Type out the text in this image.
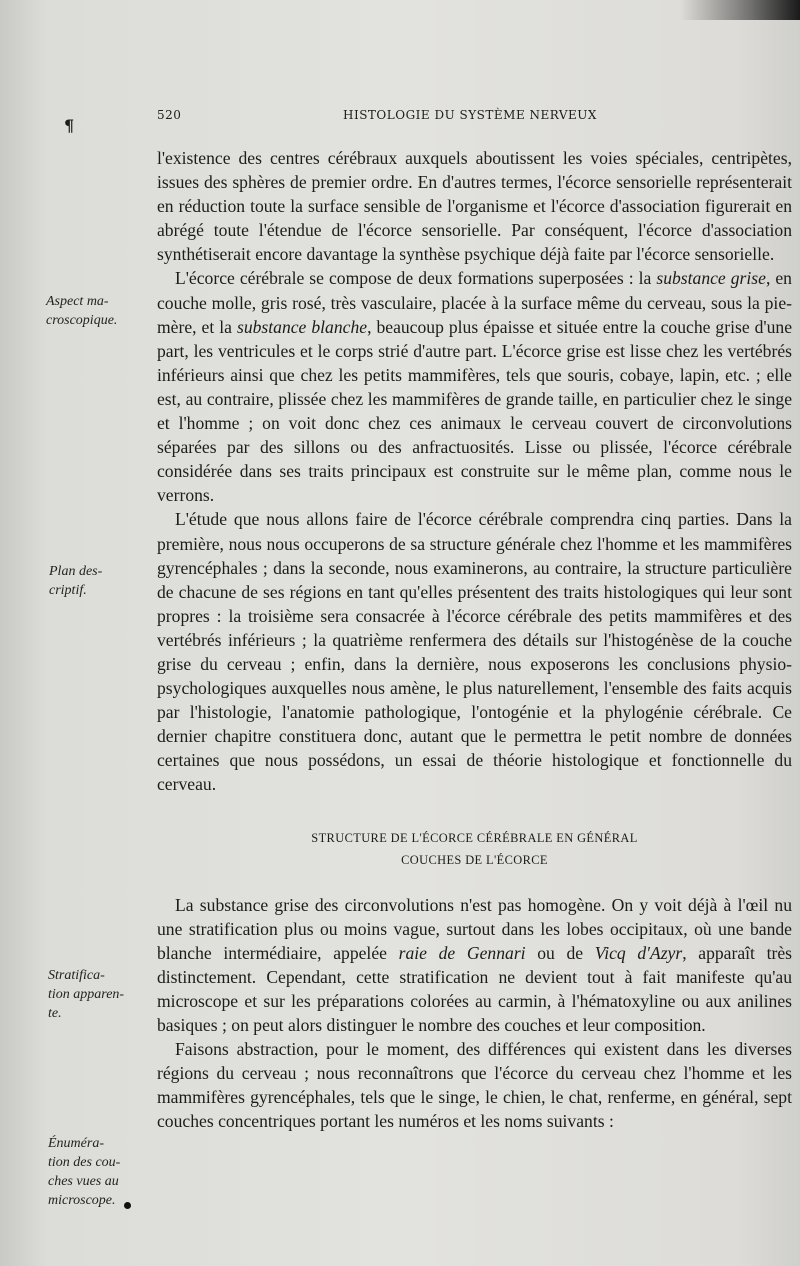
¶
520	HISTOLOGIE DU SYSTÈME NERVEUX
Aspect ma-
croscopique.
Plan des-
criptif.
Stratifica-
tion apparen-
te.
Énuméra-
tion des cou-
ches vues au
microscope.

l'existence des centres cérébraux auxquels aboutissent les voies spéciales, centripètes, issues des sphères de premier ordre. En d'autres termes, l'écorce sensorielle représenterait en réduction toute la surface sensible de l'organisme et l'écorce d'association figurerait en abrégé toute l'étendue de l'écorce sensorielle. Par conséquent, l'écorce d'association synthétiserait encore davantage la synthèse psychique déjà faite par l'écorce sensorielle.

L'écorce cérébrale se compose de deux formations superposées : la substance grise, en couche molle, gris rosé, très vasculaire, placée à la surface même du cerveau, sous la pie-mère, et la substance blanche, beaucoup plus épaisse et située entre la couche grise d'une part, les ventricules et le corps strié d'autre part. L'écorce grise est lisse chez les vertébrés inférieurs ainsi que chez les petits mammifères, tels que souris, cobaye, lapin, etc. ; elle est, au contraire, plissée chez les mammifères de grande taille, en particulier chez le singe et l'homme ; on voit donc chez ces animaux le cerveau couvert de circonvolutions séparées par des sillons ou des anfractuosités. Lisse ou plissée, l'écorce cérébrale considérée dans ses traits principaux est construite sur le même plan, comme nous le verrons.

L'étude que nous allons faire de l'écorce cérébrale comprendra cinq parties. Dans la première, nous nous occuperons de sa structure générale chez l'homme et les mammifères gyrencéphales ; dans la seconde, nous examinerons, au contraire, la structure particulière de chacune de ses régions en tant qu'elles présentent des traits histologiques qui leur sont propres : la troisième sera consacrée à l'écorce cérébrale des petits mammifères et des vertébrés inférieurs ; la quatrième renfermera des détails sur l'histogénèse de la couche grise du cerveau ; enfin, dans la dernière, nous exposerons les conclusions physio-psychologiques auxquelles nous amène, le plus naturellement, l'ensemble des faits acquis par l'histologie, l'anatomie pathologique, l'ontogénie et la phylogénie cérébrale. Ce dernier chapitre constituera donc, autant que le permettra le petit nombre de données certaines que nous possédons, un essai de théorie histologique et fonctionnelle du cerveau.

STRUCTURE DE L'ÉCORCE CÉRÉBRALE EN GÉNÉRAL
COUCHES DE L'ÉCORCE

La substance grise des circonvolutions n'est pas homogène. On y voit déjà à l'œil nu une stratification plus ou moins vague, surtout dans les lobes occipitaux, où une bande blanche intermédiaire, appelée raie de Gennari ou de Vicq d'Azyr, apparaît très distinctement. Cependant, cette stratification ne devient tout à fait manifeste qu'au microscope et sur les préparations colorées au carmin, à l'hématoxyline ou aux anilines basiques ; on peut alors distinguer le nombre des couches et leur composition.

Faisons abstraction, pour le moment, des différences qui existent dans les diverses régions du cerveau ; nous reconnaîtrons que l'écorce du cerveau chez l'homme et les mammifères gyrencéphales, tels que le singe, le chien, le chat, renferme, en général, sept couches concentriques portant les numéros et les noms suivants :
